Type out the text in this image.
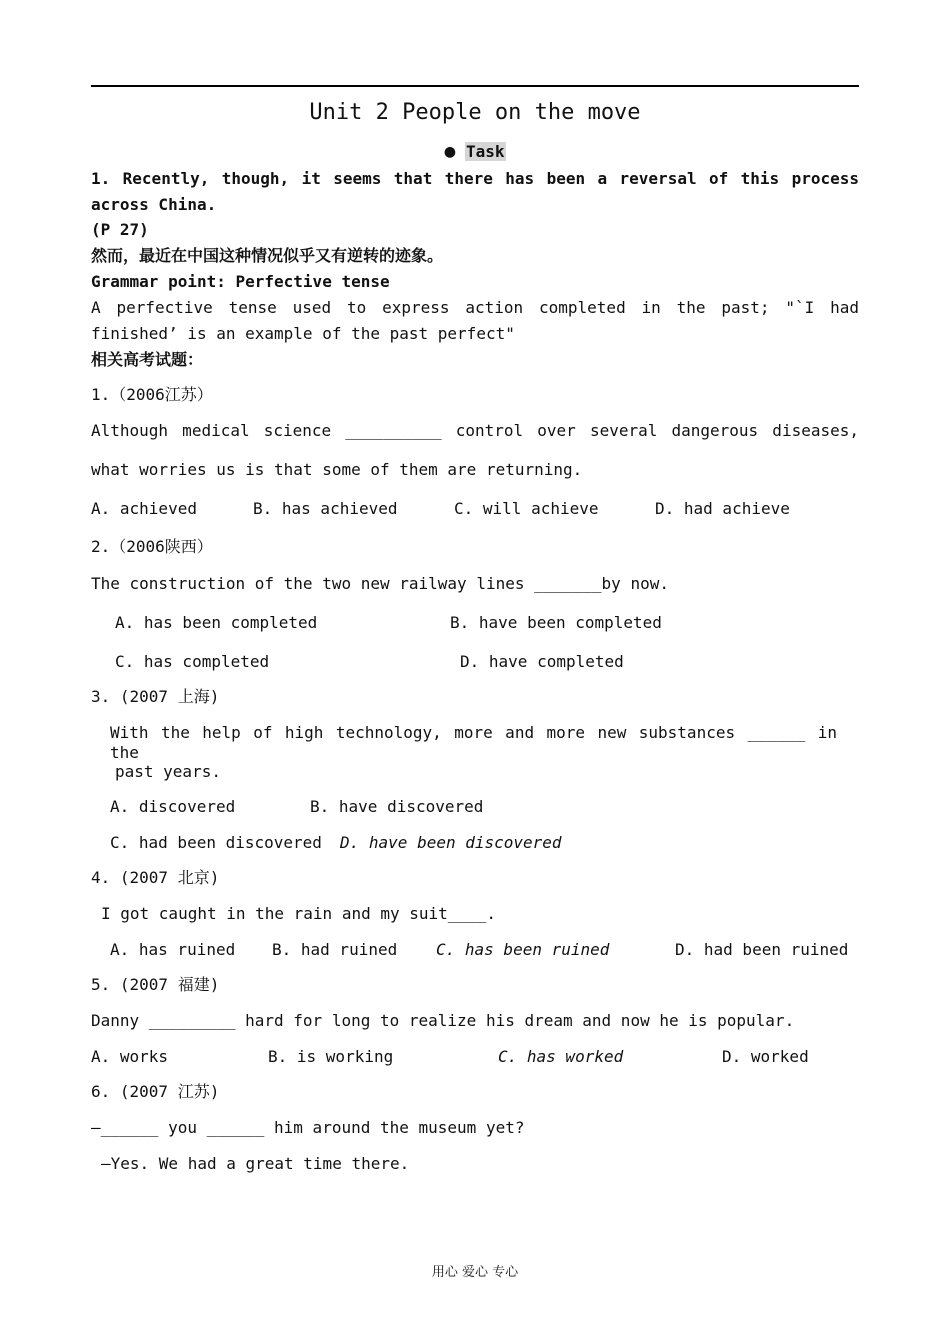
Unit 2 People on the move
● Task
1. Recently, though, it seems that there has been a reversal of this process
across China.
(P 27)
然而，最近在中国这种情况似乎又有逆转的迹象。
Grammar point: Perfective tense
A perfective tense used to express action completed in the past; "`I had
finished’ is an example of the past perfect"
相关高考试题：
1.（2006江苏）
Although medical science __________ control over several dangerous diseases,
what worries us is that some of them are returning.
A. achieved	B. has achieved	C. will achieve	D. had achieve
2.（2006陕西）
The construction of the two new railway lines _______by now.
A. has been completed	B. have been completed
C. has completed	D. have completed
3. (2007 上海)
With the help of high technology, more and more new substances ______ in the
past years.
A. discovered	B. have discovered
C. had been discovered D. have been discovered
4. (2007 北京)
I got caught in the rain and my suit____.
A. has ruined B. had ruined C. has been ruined	D. had been ruined
5. (2007 福建)
Danny _________ hard for long to realize his dream and now he is popular.
A. works	B. is working	C. has worked	D. worked
6. (2007 江苏)
—______ you ______ him around the museum yet?
—Yes. We had a great time there.
用心 爱心 专心
